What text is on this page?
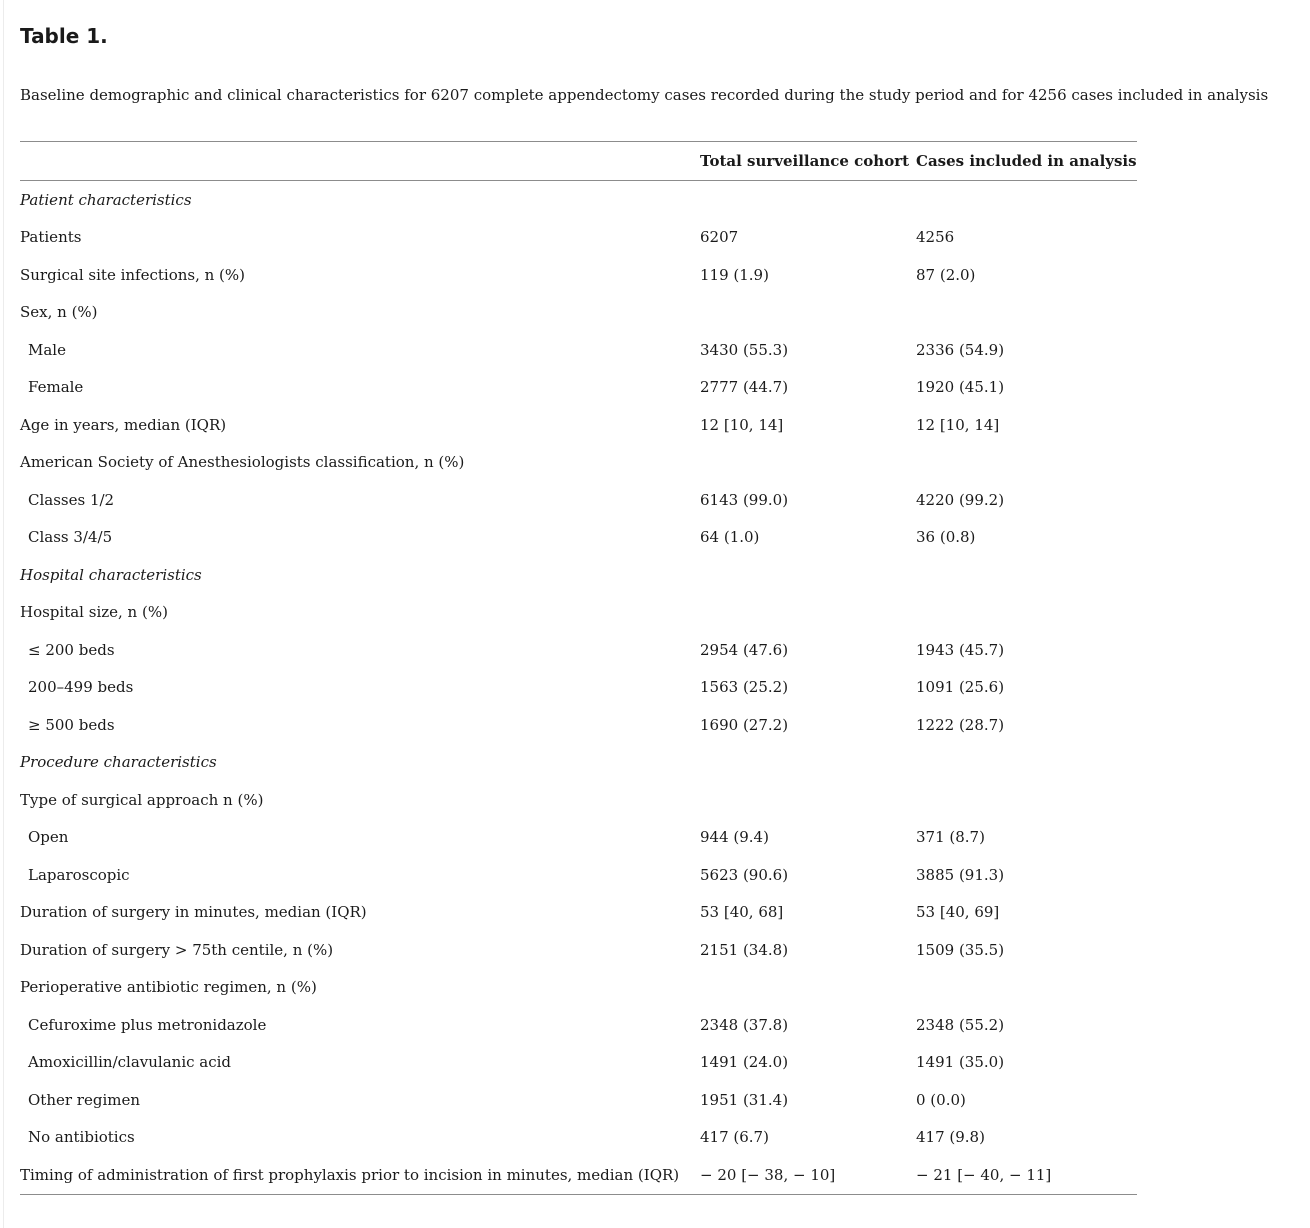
Table 1.

Baseline demographic and clinical characteristics for 6207 complete appendectomy cases recorded during the study period and for 4256 cases included in analysis

	Total surveillance cohort	Cases included in analysis
Patient characteristics		
Patients	6207	4256
Surgical site infections, n (%)	119 (1.9)	87 (2.0)
Sex, n (%)		
Male	3430 (55.3)	2336 (54.9)
Female	2777 (44.7)	1920 (45.1)
Age in years, median (IQR)	12 [10, 14]	12 [10, 14]
American Society of Anesthesiologists classification, n (%)		
Classes 1/2	6143 (99.0)	4220 (99.2)
Class 3/4/5	64 (1.0)	36 (0.8)
Hospital characteristics		
Hospital size, n (%)		
≤ 200 beds	2954 (47.6)	1943 (45.7)
200–499 beds	1563 (25.2)	1091 (25.6)
≥ 500 beds	1690 (27.2)	1222 (28.7)
Procedure characteristics		
Type of surgical approach n (%)		
Open	944 (9.4)	371 (8.7)
Laparoscopic	5623 (90.6)	3885 (91.3)
Duration of surgery in minutes, median (IQR)	53 [40, 68]	53 [40, 69]
Duration of surgery > 75th centile, n (%)	2151 (34.8)	1509 (35.5)
Perioperative antibiotic regimen, n (%)		
Cefuroxime plus metronidazole	2348 (37.8)	2348 (55.2)
Amoxicillin/clavulanic acid	1491 (24.0)	1491 (35.0)
Other regimen	1951 (31.4)	0 (0.0)
No antibiotics	417 (6.7)	417 (9.8)
Timing of administration of first prophylaxis prior to incision in minutes, median (IQR)	− 20 [− 38, − 10]	− 21 [− 40, − 11]
